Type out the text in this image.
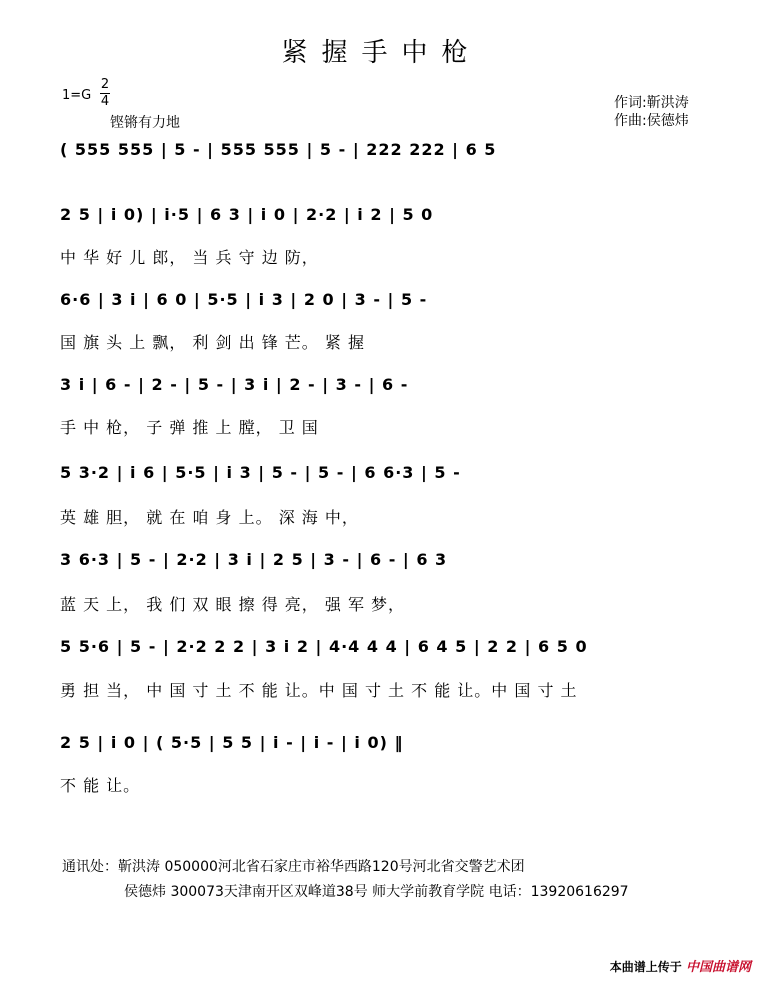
紧握手中枪
1=G
2
4
铿锵有力地
作词:靳洪涛
作曲:侯德炜
( 555 555 | 5 - | 555 555 | 5 - | 222 222 | 6 5
2 5 | i 0) | i·5 | 6 3 | i 0 | 2·2 | i 2 | 5 0
中 华 好 儿 郎， 当 兵 守 边 防，
6·6 | 3 i | 6 0 | 5·5 | i 3 | 2 0 | 3 - | 5 -
国 旗 头 上 飘， 利 剑 出 锋 芒。 紧 握
3 i | 6 - | 2 - | 5 - | 3 i | 2 - | 3 - | 6 -
手 中 枪， 子 弹 推 上 膛， 卫 国
5 3·2 | i 6 | 5·5 | i 3 | 5 - | 5 - | 6 6·3 | 5 -
英 雄 胆， 就 在 咱 身 上。 深 海 中，
3 6·3 | 5 - | 2·2 | 3 i | 2 5 | 3 - | 6 - | 6 3
蓝 天 上， 我 们 双 眼 擦 得 亮， 强 军 梦，
5 5·6 | 5 - | 2·2 2 2 | 3 i 2 | 4·4 4 4 | 6 4 5 | 2 2 | 6 5 0
勇 担 当， 中 国 寸 土 不 能 让。中 国 寸 土 不 能 让。中 国 寸 土
2 5 | i 0 | ( 5·5 | 5 5 | i - | i - | i 0) ‖
不 能 让。
通讯处：靳洪涛 050000河北省石家庄市裕华西路120号河北省交警艺术团
侯德炜 300073天津南开区双峰道38号 师大学前教育学院 电话：13920616297
本曲谱上传于 中国曲谱网
